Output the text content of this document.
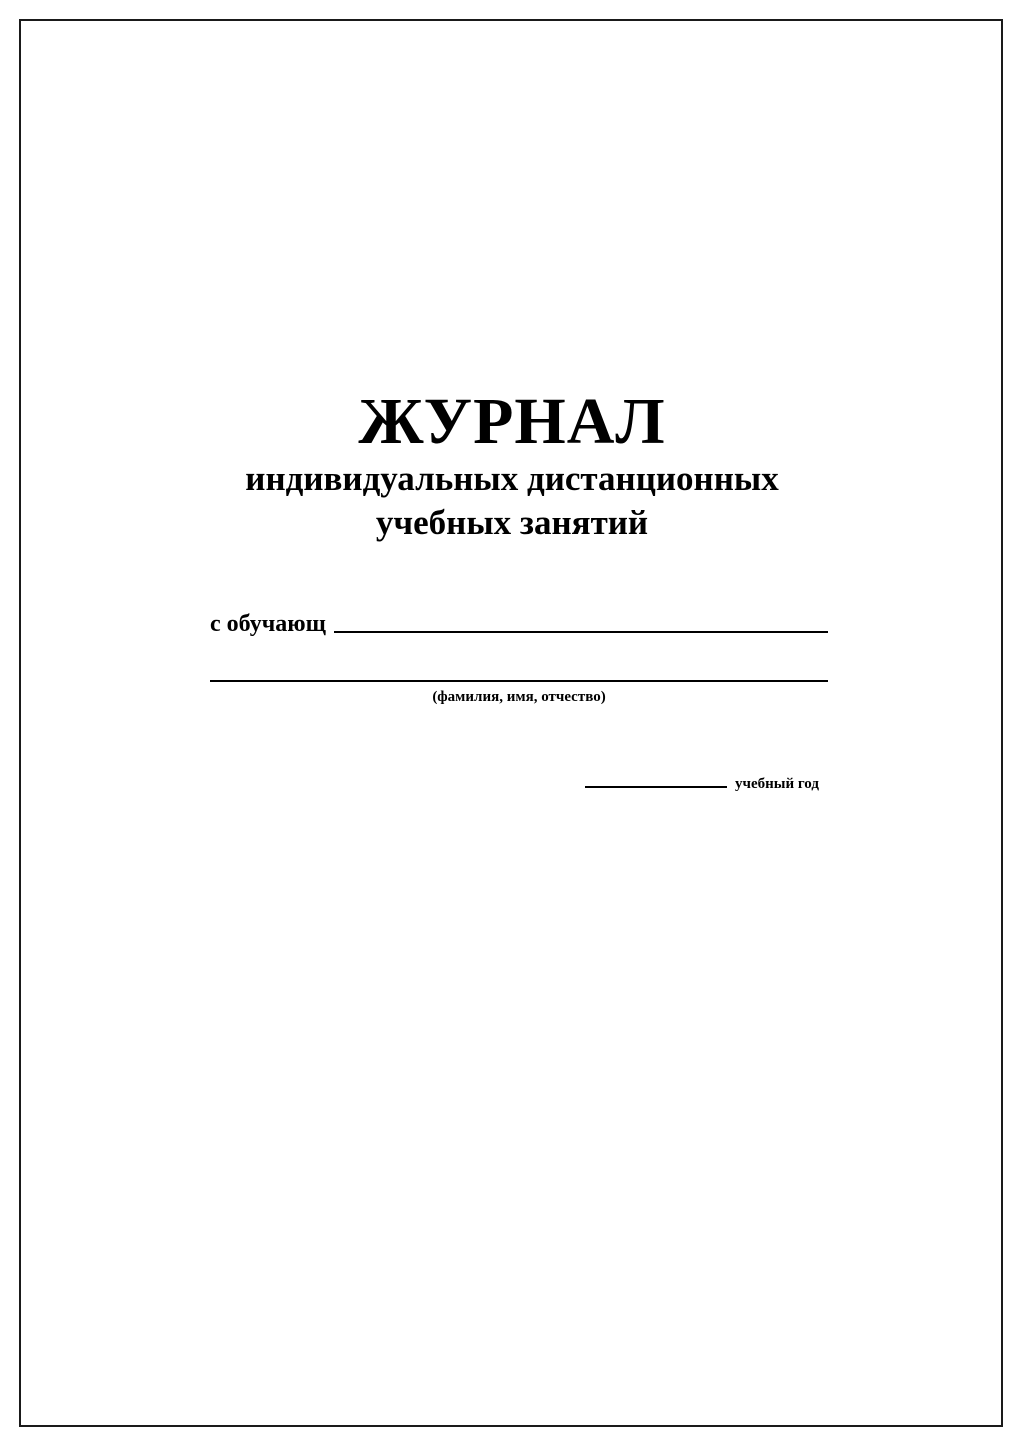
ЖУРНАЛ
индивидуальных дистанционных
учебных занятий
с обучающ
(фамилия, имя, отчество)
учебный год
